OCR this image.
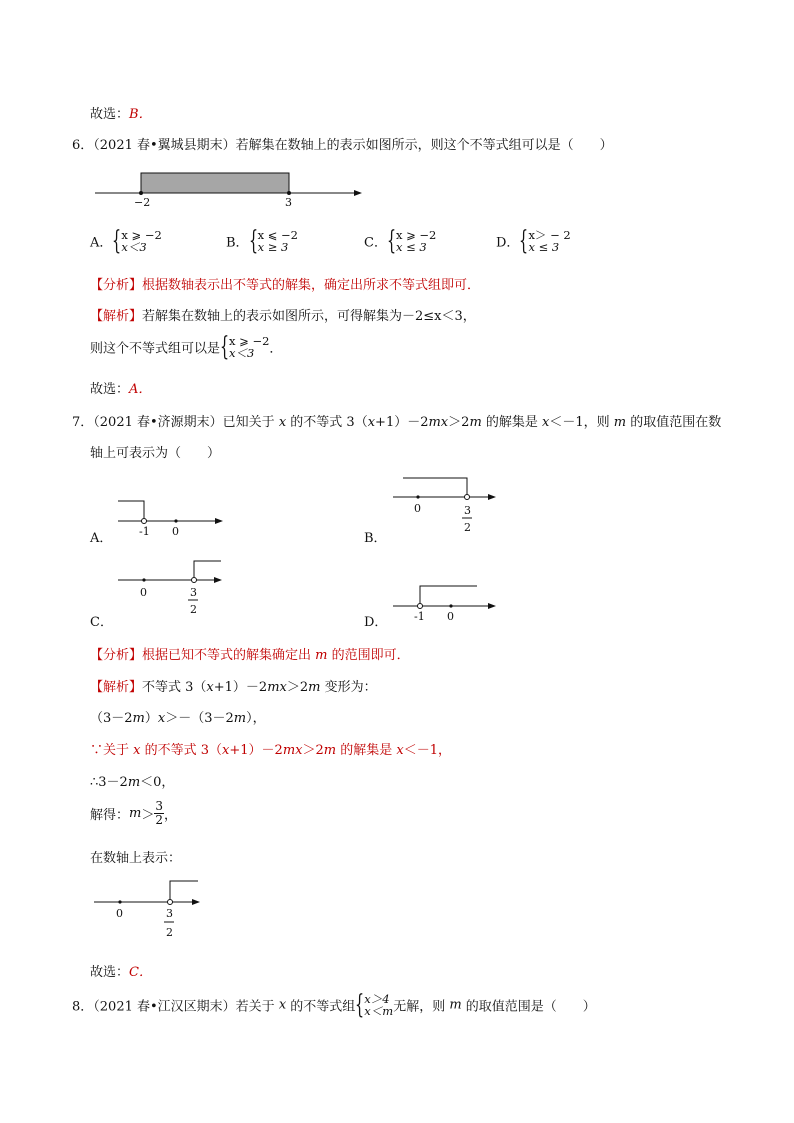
故选：B．
6．（2021 春•翼城县期末）若解集在数轴上的表示如图所示，则这个不等式组可以是（　　）
−2	3
A．{ x ⩾ −2
x＜3	B．{ x ⩽ −2
x ≥ 3	C．{ x ⩾ −2
x ≤ 3	D．{ x＞ − 2
x ≤ 3
【分析】根据数轴表示出不等式的解集，确定出所求不等式组即可．
【解析】若解集在数轴上的表示如图所示，可得解集为－2≤x＜3，
则这个不等式组可以是{ x ⩾ −2
x＜3	．
故选：A．
7．（2021 春•济源期末）已知关于 x 的不等式 3（x+1）－2mx＞2m 的解集是 x＜－1，则 m 的取值范围在数
轴上可表示为（　　）
-1 0
0	3
2
0	3
2
-1 0
0	3
2
A．	B．
C．	D．
【分析】根据已知不等式的解集确定出 m 的范围即可．
【解析】不等式 3（x+1）－2mx＞2m 变形为：
（3－2m）x＞－（3－2m），
∵关于 x 的不等式 3（x+1）－2mx＞2m 的解集是 x＜－1，
∴3－2m＜0，
解得：$m> \frac{3}{2}$ ，
在数轴上表示：
故选：C．
8．（2021 春•江汉区期末）若关于 x 的不等式组{ x＞4
x＜m 无解，则 m 的取值范围是（　　）
